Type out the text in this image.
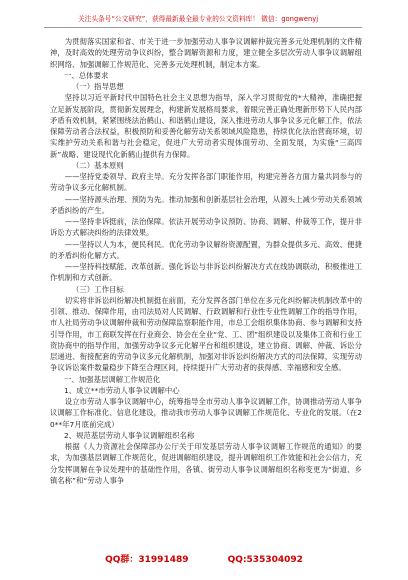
关注头条号“公文研究”，获得最新最全最专业的公文资料库！ 微信：gongwenyj

为贯彻落实国家和省、市关于进一步加强劳动人事争议调解仲裁完善多元处理机制的文件精神，及时高效的处理劳动争议纠纷，整合调解资源和力度，建立健全多层次劳动人事争议调解组织网络、加强调解工作规范化、完善多元处理机制，制定本方案。

一、总体要求

（一）指导思想

坚持以习近平新时代中国特色社会主义思想为指导，深入学习贯彻党的*大精神，准确把握立足新发展阶段，贯彻新发展理念，构建新发展格局要求，着眼完善正确处理新形势下人民内部矛盾有效机制，紧紧围绕法治鹤山、和谐鹤山建设，深入推进劳动人事争议多元化解工作，依法保障劳动者合法权益，积极预防和妥善化解劳动关系领域风险隐患，持续优化法治营商环境，切实维护劳动关系和谐与社会稳定，促进广大劳动者实现体面劳动、全面发展，为实施“三高四新”战略、建设现代化新鹤山提供有力保障。

（二）基本原则

——坚持党委领导、政府主导。充分发挥各部门职能作用，构建完善各方面力量共同参与的劳动争议多元化解机制。

——坚持源头治理、预防为先。推动加强和创新基层社会治理，从源头上减少劳动关系领域矛盾纠纷的产生。

——坚持非诉挺前，法治保障。依法开展劳动争议预防、协商、调解、仲裁等工作，提升非诉讼方式解决纠纷的法律效果。

——坚持以人为本，便民利民。优化劳动争议解纷资源配置，为群众提供多元、高效、便捷的矛盾纠纷化解方式。

——坚持科技赋能、改革创新。强化诉讼与非诉讼纠纷解决方式在线协调联动，积极推进工作机制和方式创新。

（三）工作目标

切实将非诉讼纠纷解决机制挺在前面，充分发挥各部门单位在多元化纠纷解决机制改革中的引领、推动、保障作用，由司法局对人民调解、行政调解和行业性专业性调解工作的指导作用，市人社局劳动争议调解仲裁和劳动保障监察职能作用，市总工会组织集体协商、参与调解和支持引导作用，市工商联发挥在行业商会、协会在全业“党、工、团”组织建设以及集体工资和行业工资协商中的指导作用，加强劳动争议多元化解平台和组织建设，建立协商、调解、仲裁、诉讼分层递进、衔接配套的劳动争议多元化解机制，加强对非诉讼纠纷解决方式的司法保障，实现劳动争议诉讼案件数量稳步下降至合理区间，持续提升广大劳动者的获得感、幸福感和安全感。

一、加强基层调解工作规范化

1、成立**市劳动人事争议调解中心

设立市劳动人事争议调解中心，统筹指导全市劳动人事争议调解工作，协调推动劳动人事争议调解工作标准化、信息化建设，推动我市劳动人事争议调解工作规范化、专业化的发展。（在20**年7月底前完成）

2、规范基层劳动人事争议调解组织名称

根据《人力资源社会保障部办公厅关于印发基层劳动人事争议调解工作规范的通知》的要求，为加强基层调解工作规范化，促进调解组织建设，提升调解组织工作效能和社会公信力，充分发挥调解在争议处理中的基础性作用，各镇、街劳动人事争议调解组织名称变更为“街道、乡镇名称”和“劳动人事争

QQ群：31991489	QQ:535304092
